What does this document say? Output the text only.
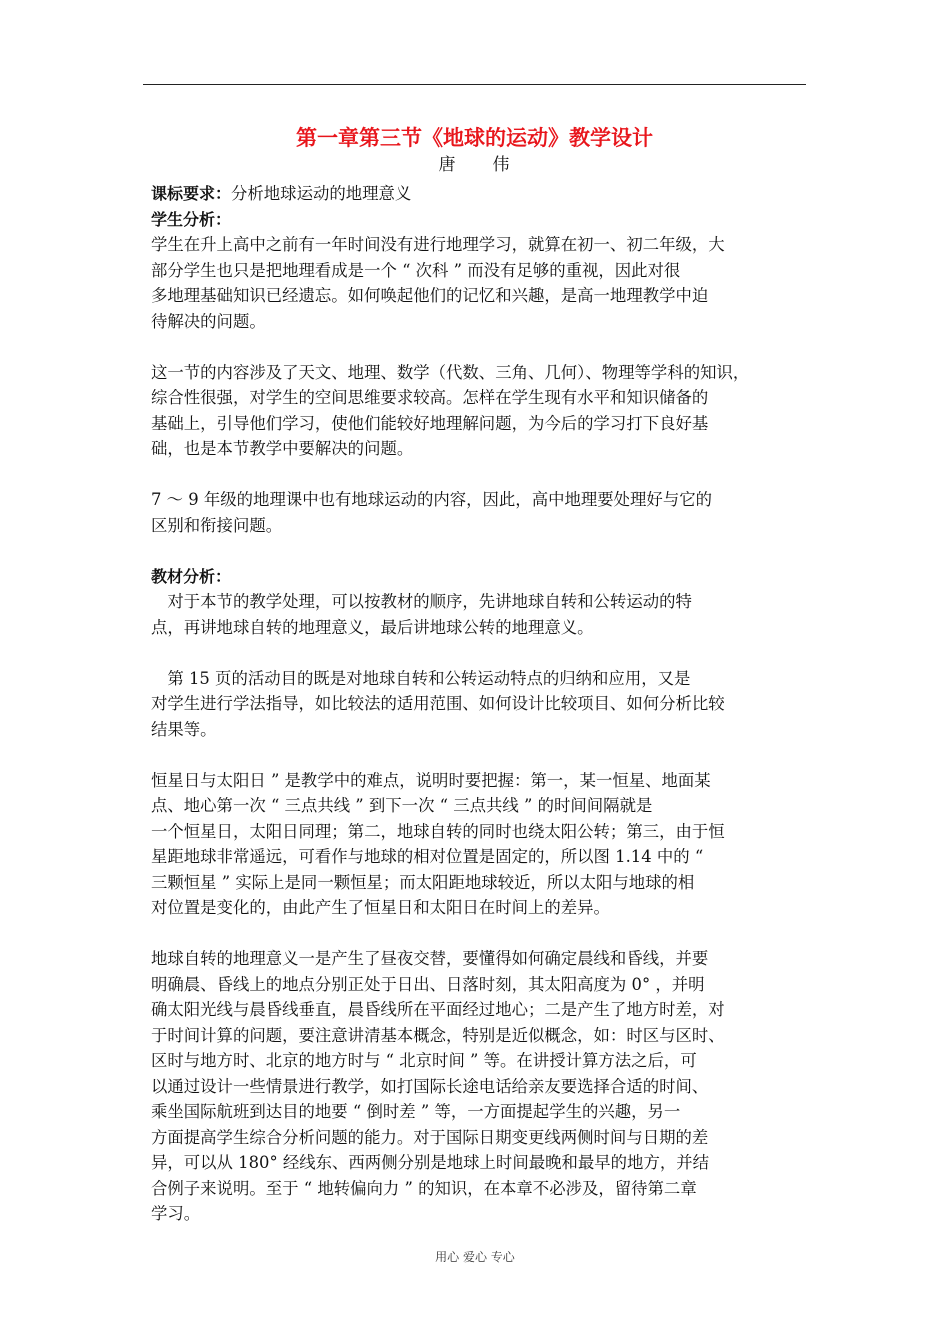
第一章第三节《地球的运动》教学设计
唐　　伟
课标要求：分析地球运动的地理意义
学生分析：
学生在升上高中之前有一年时间没有进行地理学习，就算在初一、初二年级，大
部分学生也只是把地理看成是一个 “ 次科 ” 而没有足够的重视，因此对很
多地理基础知识已经遗忘。如何唤起他们的记忆和兴趣，是高一地理教学中迫
待解决的问题。
这一节的内容涉及了天文、地理、数学（代数、三角、几何）、物理等学科的知识，
综合性很强，对学生的空间思维要求较高。怎样在学生现有水平和知识储备的
基础上，引导他们学习，使他们能较好地理解问题，为今后的学习打下良好基
础，也是本节教学中要解决的问题。
7 ～ 9 年级的地理课中也有地球运动的内容，因此，高中地理要处理好与它的
区别和衔接问题。
教材分析：
　对于本节的教学处理，可以按教材的顺序，先讲地球自转和公转运动的特
点，再讲地球自转的地理意义，最后讲地球公转的地理意义。
　第 15 页的活动目的既是对地球自转和公转运动特点的归纳和应用，又是
对学生进行学法指导，如比较法的适用范围、如何设计比较项目、如何分析比较
结果等。
恒星日与太阳日 ” 是教学中的难点，说明时要把握：第一，某一恒星、地面某
点、地心第一次 “ 三点共线 ” 到下一次 “ 三点共线 ” 的时间间隔就是
一个恒星日，太阳日同理；第二，地球自转的同时也绕太阳公转；第三，由于恒
星距地球非常遥远，可看作与地球的相对位置是固定的，所以图 1.14 中的 “
三颗恒星 ” 实际上是同一颗恒星；而太阳距地球较近，所以太阳与地球的相
对位置是变化的，由此产生了恒星日和太阳日在时间上的差异。
地球自转的地理意义一是产生了昼夜交替，要懂得如何确定晨线和昏线，并要
明确晨、昏线上的地点分别正处于日出、日落时刻，其太阳高度为 0° ，并明
确太阳光线与晨昏线垂直，晨昏线所在平面经过地心；二是产生了地方时差，对
于时间计算的问题，要注意讲清基本概念，特别是近似概念，如：时区与区时、
区时与地方时、北京的地方时与 “ 北京时间 ” 等。在讲授计算方法之后，可
以通过设计一些情景进行教学，如打国际长途电话给亲友要选择合适的时间、
乘坐国际航班到达目的地要 “ 倒时差 ” 等，一方面提起学生的兴趣，另一
方面提高学生综合分析问题的能力。对于国际日期变更线两侧时间与日期的差
异，可以从 180° 经线东、西两侧分别是地球上时间最晚和最早的地方，并结
合例子来说明。至于 “ 地转偏向力 ” 的知识，在本章不必涉及，留待第二章
学习。
用心 爱心 专心
